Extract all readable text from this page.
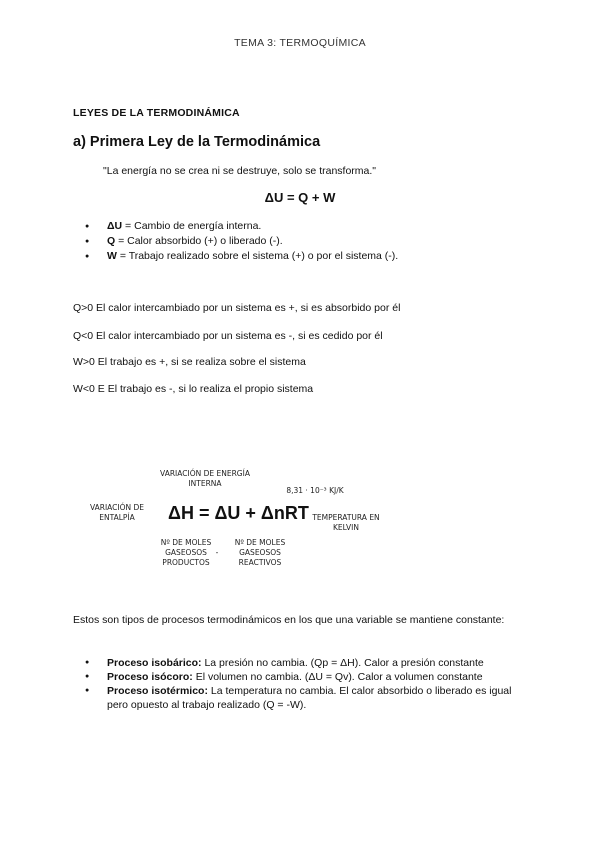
TEMA 3: TERMOQUÍMICA
LEYES DE LA TERMODINÁMICA
a) Primera Ley de la Termodinámica
"La energía no se crea ni se destruye, solo se transforma."
ΔU = Q + W
● ΔU = Cambio de energía interna.
● Q = Calor absorbido (+) o liberado (-).
● W = Trabajo realizado sobre el sistema (+) o por el sistema (-).
Q>0 El calor intercambiado por un sistema es +, si es absorbido por él
Q<0 El calor intercambiado por un sistema es -, si es cedido por él
W>0 El trabajo es +, si se realiza sobre el sistema
W<0 E El trabajo es -, si lo realiza el propio sistema
VARIACIÓN DE ENERGÍA INTERNA
8,31 · 10⁻³ KJ/K
VARIACIÓN DE ENTALPÍA	ΔH = ΔU + ΔnRT TEMPERATURA EN KELVIN
Nº DE MOLES GASEOSOS PRODUCTOS
-
Nº DE MOLES GASEOSOS REACTIVOS
Estos son tipos de procesos termodinámicos en los que una variable se mantiene constante:
● Proceso isobárico: La presión no cambia. (Qp = ΔH). Calor a presión constante
● Proceso isócoro: El volumen no cambia. (ΔU = Qv). Calor a volumen constante
● Proceso isotérmico: La temperatura no cambia. El calor absorbido o liberado es igual pero opuesto al trabajo realizado (Q = -W).
